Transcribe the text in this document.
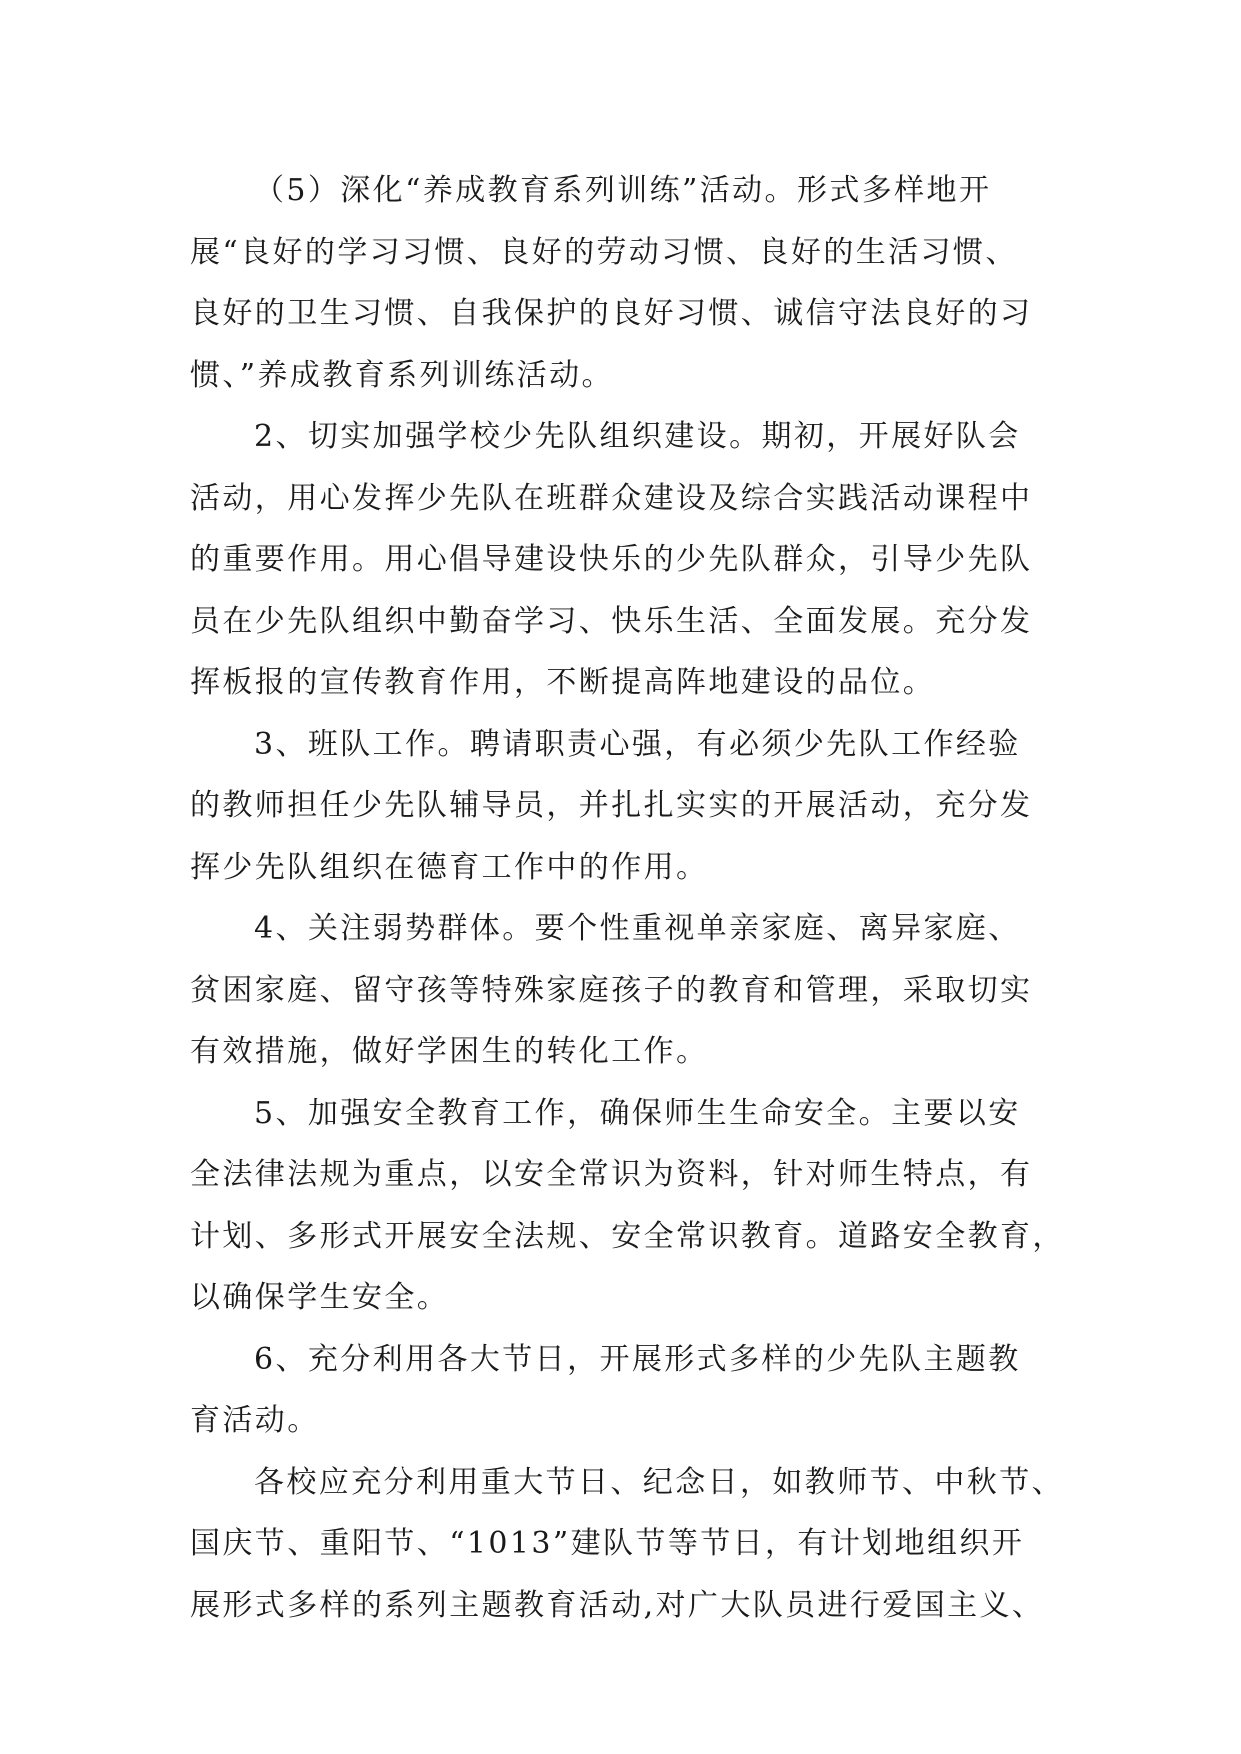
（5）深化“养成教育系列训练”活动。形式多样地开
展“良好的学习习惯、良好的劳动习惯、良好的生活习惯、
良好的卫生习惯、自我保护的良好习惯、诚信守法良好的习
惯、”养成教育系列训练活动。
2、切实加强学校少先队组织建设。期初，开展好队会
活动，用心发挥少先队在班群众建设及综合实践活动课程中
的重要作用。用心倡导建设快乐的少先队群众，引导少先队
员在少先队组织中勤奋学习、快乐生活、全面发展。充分发
挥板报的宣传教育作用，不断提高阵地建设的品位。
3、班队工作。聘请职责心强，有必须少先队工作经验
的教师担任少先队辅导员，并扎扎实实的开展活动，充分发
挥少先队组织在德育工作中的作用。
4、关注弱势群体。要个性重视单亲家庭、离异家庭、
贫困家庭、留守孩等特殊家庭孩子的教育和管理，采取切实
有效措施，做好学困生的转化工作。
5、加强安全教育工作，确保师生生命安全。主要以安
全法律法规为重点，以安全常识为资料，针对师生特点，有
计划、多形式开展安全法规、安全常识教育。道路安全教育，
以确保学生安全。
6、充分利用各大节日，开展形式多样的少先队主题教
育活动。
各校应充分利用重大节日、纪念日，如教师节、中秋节、
国庆节、重阳节、“1013”建队节等节日，有计划地组织开
展形式多样的系列主题教育活动,对广大队员进行爱国主义、
